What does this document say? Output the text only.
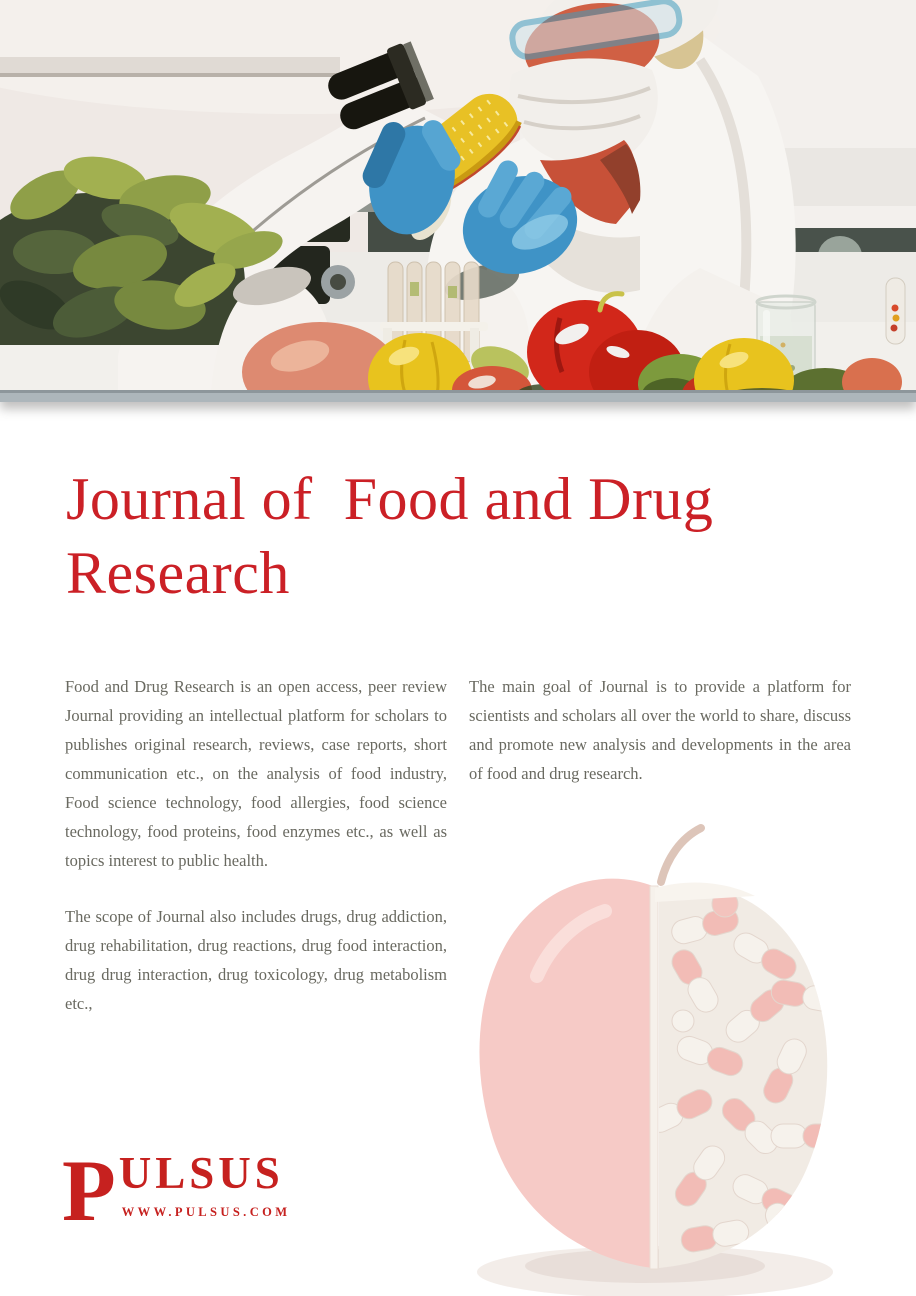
Journal of  Food and Drug
Research

Food and Drug Research is an open access, peer review Journal providing an intellectual platform for scholars to publishes original research, reviews, case reports, short communication etc., on the analysis of food industry, Food science technology, food allergies, food science technology, food proteins, food enzymes etc., as well as topics interest to public health.

The scope of Journal also includes drugs, drug addiction, drug rehabilitation, drug reactions, drug food interaction, drug drug interaction, drug toxicology, drug metabolism etc.,

The main goal of Journal is to provide a platform for scientists and scholars all over the world to share, discuss and promote new analysis and developments in the area of food and drug research.

P ULSUS
WWW.PULSUS.COM
